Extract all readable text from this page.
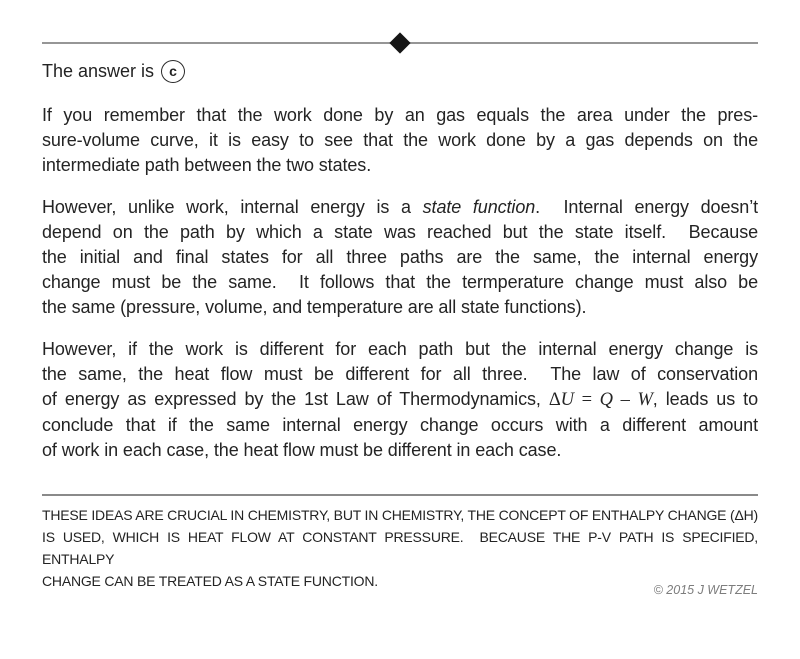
The answer is c
If you remember that the work done by an gas equals the area under the pres-
sure-volume curve, it is easy to see that the work done by a gas depends on the
intermediate path between the two states.
However, unlike work, internal energy is a state function.  Internal energy doesn’t
depend on the path by which a state was reached but the state itself.  Because
the initial and final states for all three paths are the same, the internal energy
change must be the same.  It follows that the termperature change must also be
the same (pressure, volume, and temperature are all state functions).
However, if the work is different for each path but the internal energy change is
the same, the heat flow must be different for all three.  The law of conservation
of energy as expressed by the 1st Law of Thermodynamics, ΔU = Q – W, leads us to
conclude that if the same internal energy change occurs with a different amount
of work in each case, the heat flow must be different in each case.
THESE IDEAS ARE CRUCIAL IN CHEMISTRY, BUT IN CHEMISTRY, THE CONCEPT OF ENTHALPY CHANGE (ΔH)
IS USED, WHICH IS HEAT FLOW AT CONSTANT PRESSURE.  BECAUSE THE P-V PATH IS SPECIFIED, ENTHALPY
CHANGE CAN BE TREATED AS A STATE FUNCTION.
© 2015 J WETZEL
